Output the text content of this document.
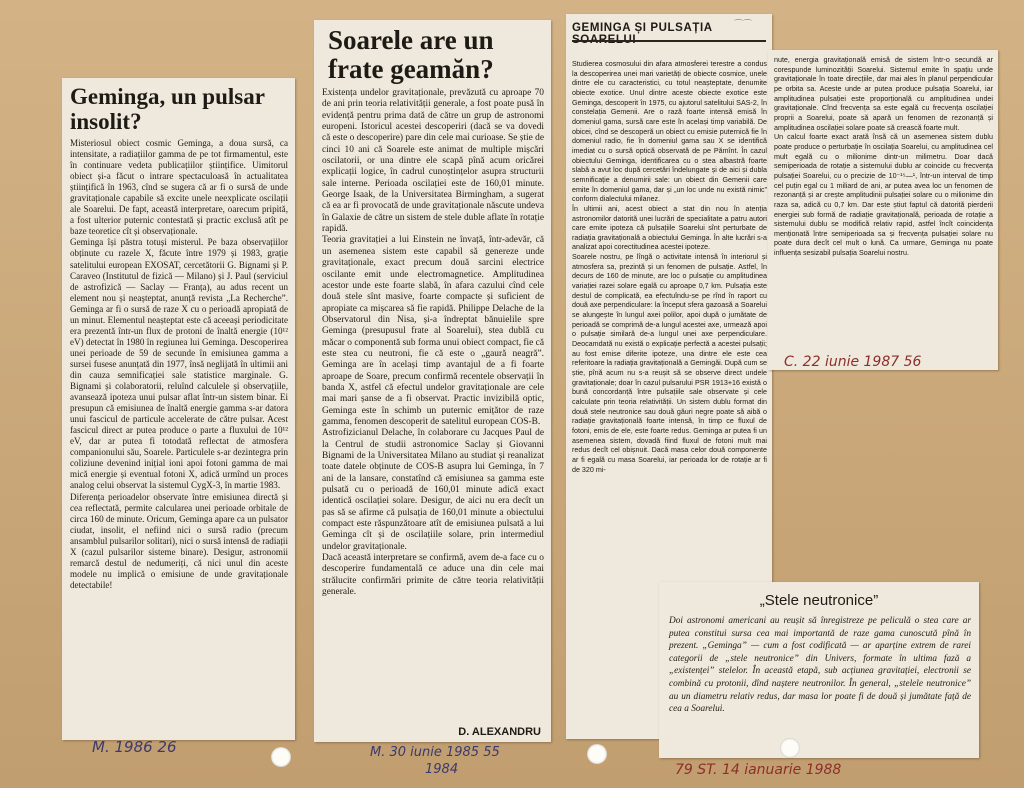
Geminga, un pulsar insolit?
Misteriosul obiect cosmic Geminga, a doua sursă, ca intensitate, a radiațiilor gamma de pe tot firmamentul, este în continuare vedeta publicațiilor științifice. Uimitorul obiect și-a făcut o intrare spectaculoasă în actualitatea științifică în 1963, cînd se sugera că ar fi o sursă de unde gravitaționale capabile să excite unele neexplicate oscilații ale Soarelui. De fapt, această interpretare, oarecum pripită, a fost ulterior puternic contestată și practic exclusă atît pe baze teoretice cît și observaționale.
Geminga își păstra totuși misterul. Pe baza observațiilor obținute cu razele X, făcute între 1979 și 1983, grație satelitului european EXOSAT, cercetătorii G. Bignami și P. Caraveo (Institutul de fizică — Milano) și J. Paul (serviciul de astrofizică — Saclay — Franța), au adus recent un element nou și neașteptat, anunță revista „La Recherche”. Geminga ar fi o sursă de raze X cu o perioadă apropiată de un minut. Elementul neașteptat este că aceeași periodicitate era prezentă într-un flux de protoni de înaltă energie (10¹² eV) detectat în 1980 în regiunea lui Geminga. Descoperirea unei perioade de 59 de secunde în emisiunea gamma a sursei fusese anunțată din 1977, însă neglijată în ultimii ani din cauza semnificației sale statistice marginale. G. Bignami și colaboratorii, reluînd calculele și observațiile, avansează ipoteza unui pulsar aflat într-un sistem binar. Ei presupun că emisiunea de înaltă energie gamma s-ar datora unui fascicul de particule accelerate de către pulsar. Acest fascicul direct ar putea produce o parte a fluxului de 10¹² eV, dar ar putea fi totodată reflectat de atmosfera companionului său, Soarele. Particulele s-ar dezintegra prin coliziune devenind inițial ioni apoi fotoni gamma de mai mică energie și eventual fotoni X, adică urmînd un proces analog celui observat la sistemul CygX-3, în martie 1983.
Diferența perioadelor observate între emisiunea directă și cea reflectată, permite calcularea unei perioade orbitale de circa 160 de minute. Oricum, Geminga apare ca un pulsator ciudat, insolit, el nefiind nici o sursă radio (precum ansamblul pulsarilor solitari), nici o sursă intensă de radiații X (cazul pulsarilor sisteme binare). Desigur, astronomii remarcă destul de nedumeriți, că nici unul din aceste modele nu implică o emisiune de unde gravitaționale detectabile!
Soarele are un frate geamăn?
Existența undelor gravitaționale, prevăzută cu aproape 70 de ani prin teoria relativității generale, a fost poate pusă în evidență pentru prima dată de către un grup de astronomi europeni. Istoricul acestei descoperiri (dacă se va dovedi că este o descoperire) pare din cele mai curioase. Se știe de cinci 10 ani că Soarele este animat de multiple mișcări oscilatorii, or una dintre ele scapă pînă acum oricărei explicații logice, în cadrul cunoștințelor asupra structurii sale interne. Perioada oscilației este de 160,01 minute. George Isaak, de la Universitatea Birmingham, a sugerat că ea ar fi provocată de unde gravitaționale născute undeva în Galaxie de către un sistem de stele duble aflate în rotație rapidă.
Teoria gravitației a lui Einstein ne învață, într-adevăr, că un asemenea sistem este capabil să genereze unde gravitaționale, exact precum două sarcini electrice oscilante emit unde electromagnetice. Amplitudinea acestor unde este foarte slabă, în afara cazului cînd cele două stele sînt masive, foarte compacte și suficient de apropiate ca mișcarea să fie rapidă. Philippe Delache de la Observatorul din Nisa, și-a îndreptat bănuielile spre Geminga (presupusul frate al Soarelui), stea dublă cu măcar o componentă sub forma unui obiect compact, fie că este stea cu neutroni, fie că este o „gaură neagră”. Geminga are în același timp avantajul de a fi foarte aproape de Soare, precum confirmă recentele observații în banda X, astfel că efectul undelor gravitaționale are cele mai mari șanse de a fi observat. Practic invizibilă optic, Geminga este în schimb un puternic emițător de raze gamma, fenomen descoperit de satelitul european COS-B.
Astrofizicianul Delache, în colaborare cu Jacques Paul de la Centrul de studii astronomice Saclay și Giovanni Bignami de la Universitatea Milano au studiat și reanalizat toate datele obținute de COS-B asupra lui Geminga, în 7 ani de la lansare, constatînd că emisiunea sa gamma este pulsată cu o perioadă de 160,01 minute adică exact identică oscilației solare. Desigur, de aici nu era decît un pas să se afirme că pulsația de 160,01 minute a obiectului compact este răspunzătoare atît de emisiunea pulsată a lui Geminga cît și de oscilațiile solare, prin intermediul undelor gravitaționale.
Dacă această interpretare se confirmă, avem de-a face cu o descoperire fundamentală ce aduce una din cele mai strălucite confirmări primite de către teoria relativității generale.
D. ALEXANDRU
⌒⌒
GEMINGA ȘI PULSAȚIA
Studierea cosmosului din afara atmosferei terestre a condus la descoperirea unei mari varietăți de obiecte cosmice, unele dintre ele cu caracteristici, cu totul neașteptate, denumite obiecte exotice. Unul dintre aceste obiecte exotice este Geminga, descoperit în 1975, cu ajutorul satelitului SAS-2, în constelația Gemenii. Are o rază foarte intensă emisă în domeniul gama, sursă care este în același timp variabilă. De obicei, cînd se descoperă un obiect cu emisie puternică fie în domeniul radio, fie în domeniul gama sau X se identifică imediat cu o sursă optică observată de pe Pămînt. În cazul obiectului Geminga, identificarea cu o stea albastră foarte slabă a avut loc după cercetări îndelungate și de aici și dubla semnificație a denumirii sale: un obiect din Gemenii care emite în domeniul gama, dar și „un loc unde nu există nimic” conform dialectului milanez.
În ultimii ani, acest obiect a stat din nou în atenția astronomilor datorită unei lucrări de specialitate a patru autori care emite ipoteza că pulsațiile Soarelui sînt perturbate de radiația gravitațională a obiectului Geminga. În alte lucrări s-a analizat apoi corectitudinea acestei ipoteze.
Soarele nostru, pe lîngă o activitate intensă în interiorul și atmosfera sa, prezintă și un fenomen de pulsație. Astfel, în decurs de 160 de minute, are loc o pulsație cu amplitudinea variației razei solare egală cu aproape 0,7 km. Pulsația este destul de complicată, ea efectuîndu-se pe rînd în raport cu două axe perpendiculare: la început sfera gazoasă a Soarelui se alungește în lungul axei polilor, apoi după o jumătate de perioadă se comprimă de-a lungul acestei axe, urmează apoi o pulsație similară de-a lungul unei axe perpendiculare. Deocamdată nu există o explicație perfectă a acestei pulsații; au fost emise diferite ipoteze, una dintre ele este cea referitoare la radiația gravitațională a Gemingăi. După cum se știe, pînă acum nu s-a reușit să se observe direct undele gravitaționale; doar în cazul pulsarului PSR 1913+16 există o bună concordanță între pulsațiile sale observate și cele calculate prin teoria relativității. Un sistem dublu format din două stele neutronice sau două găuri negre poate să aibă o radiație gravitațională foarte intensă, în timp ce fluxul de fotoni, emis de ele, este foarte redus. Geminga ar putea fi un asemenea sistem, dovadă fiind fluxul de fotoni mult mai redus decît cel obișnuit. Dacă masa celor două componente ar fi egală cu masa Soarelui, iar perioada lor de rotație ar fi de 320 mi-
nute, energia gravitațională emisă de sistem într-o secundă ar corespunde luminozității Soarelui. Sistemul emite în spațiu unde gravitaționale în toate direcțiile, dar mai ales în planul perpendicular pe orbita sa. Aceste unde ar putea produce pulsația Soarelui, iar amplitudinea pulsației este proporțională cu amplitudinea undei gravitaționale. Cînd frecvența sa este egală cu frecvența oscilației proprii a Soarelui, poate să apară un fenomen de rezonanță și amplitudinea oscilației solare poate să crească foarte mult.
Un calcul foarte exact arată însă că un asemenea sistem dublu poate produce o perturbație în oscilația Soarelui, cu amplitudinea cel mult egală cu o milionime dintr-un milimetru. Doar dacă semiperioada de rotație a sistemului dublu ar coincide cu frecvența pulsației Soarelui, cu o precizie de 10⁻¹⁵—¹, într-un interval de timp cel puțin egal cu 1 miliard de ani, ar putea avea loc un fenomen de rezonanță și ar crește amplitudinii pulsației solare cu o milionime din raza sa, adică cu 0,7 km. Dar este știut faptul că datorită pierderii energiei sub formă de radiație gravitațională, perioada de rotație a sistemului dublu se modifică relativ rapid, astfel încît coincidența menționată între semiperioada sa și frecvența pulsației solare nu poate dura decît cel mult o lună. Ca urmare, Geminga nu poate influența sesizabil pulsația Soarelui nostru.
„Stele neutronice”
Doi astronomi americani au reușit să înregistreze pe peliculă o stea care ar putea constitui sursa cea mai importantă de raze gama cunoscută pînă în prezent. „Geminga” — cum a fost codificată — ar aparține extrem de rarei categorii de „stele neutronice” din Univers, formate în ultima fază a „existenței” stelelor. În această etapă, sub acțiunea gravitației, electronii se combină cu protonii, dînd naștere neutronilor. În general, „stelele neutronice” au un diametru relativ redus, dar masa lor poate fi de două și jumătate față de cea a Soarelui.
M. 1986 26	M. 30 iunie 1985 55
1984
C. 22 iunie 1987 56
79 ST. 14 ianuarie 1988
